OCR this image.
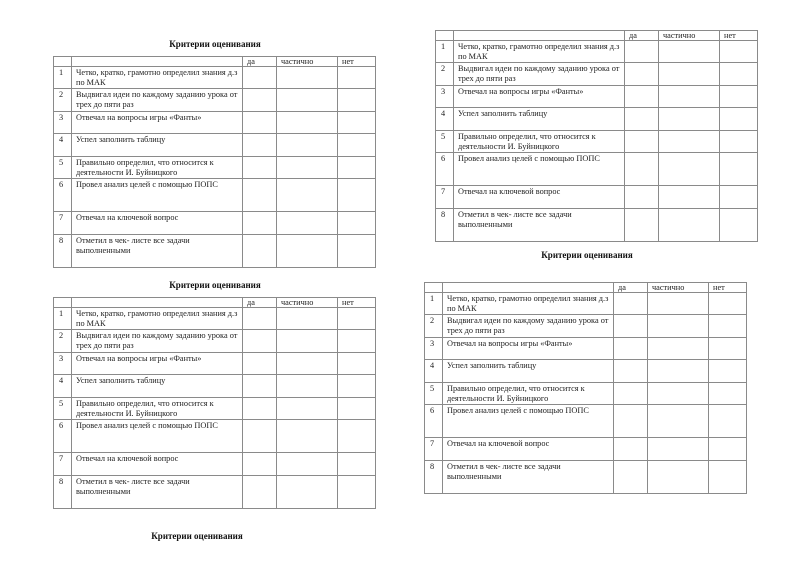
Критерии оценивания
Критерии оценивания
Критерии оценивания
Критерии оценивания
		да	частично	нет
1	Четко, кратко, грамотно определил знания д.з по МАК			
2	Выдвигал идеи по каждому заданию урока от трех до пяти раз			
3	Отвечал на вопросы игры «Фанты»			
4	Успел заполнить таблицу			
5	Правильно определил, что относится к деятельности И. Буйницкого			
6	Провел анализ целей с помощью ПОПС			
7	Отвечал на ключевой вопрос			
8	Отметил в чек- листе все задачи выполненными			
		да	частично	нет
1	Четко, кратко, грамотно определил знания д.з по МАК			
2	Выдвигал идеи по каждому заданию урока от трех до пяти раз			
3	Отвечал на вопросы игры «Фанты»			
4	Успел заполнить таблицу			
5	Правильно определил, что относится к деятельности И. Буйницкого			
6	Провел анализ целей с помощью ПОПС			
7	Отвечал на ключевой вопрос			
8	Отметил в чек- листе все задачи выполненными			
		да	частично	нет
1	Четко, кратко, грамотно определил знания д.з по МАК			
2	Выдвигал идеи по каждому заданию урока от трех до пяти раз			
3	Отвечал на вопросы игры «Фанты»			
4	Успел заполнить таблицу			
5	Правильно определил, что относится к деятельности И. Буйницкого			
6	Провел анализ целей с помощью ПОПС			
7	Отвечал на ключевой вопрос			
8	Отметил в чек- листе все задачи выполненными			
		да	частично	нет
1	Четко, кратко, грамотно определил знания д.з по МАК			
2	Выдвигал идеи по каждому заданию урока от трех до пяти раз			
3	Отвечал на вопросы игры «Фанты»			
4	Успел заполнить таблицу			
5	Правильно определил, что относится к деятельности И. Буйницкого			
6	Провел анализ целей с помощью ПОПС			
7	Отвечал на ключевой вопрос			
8	Отметил в чек- листе все задачи выполненными			
